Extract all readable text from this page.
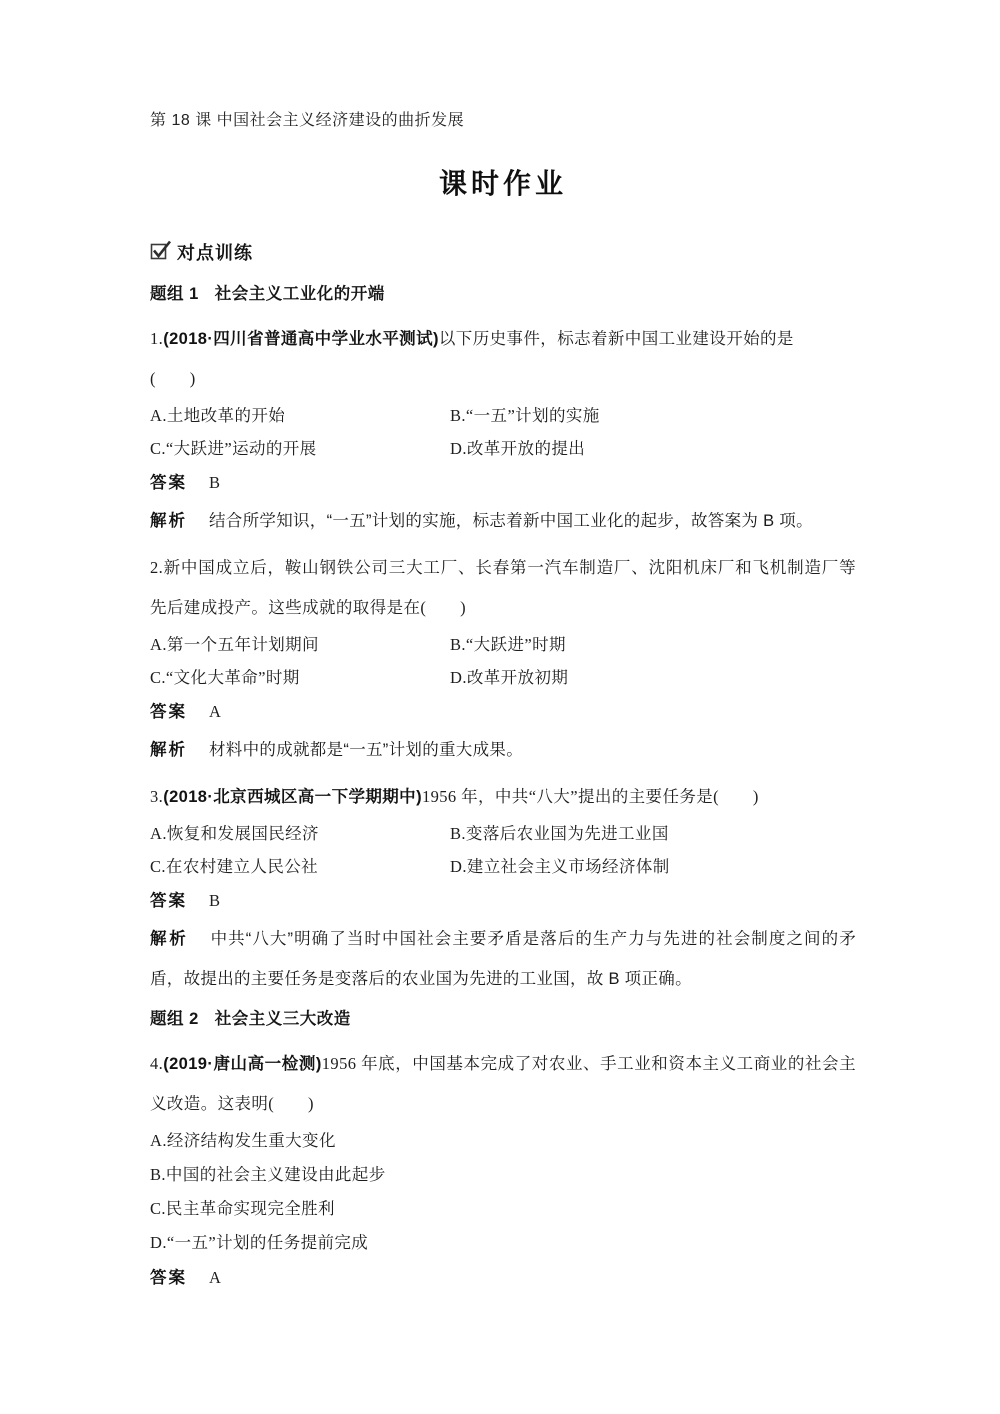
第 18 课 中国社会主义经济建设的曲折发展
课时作业
对点训练
题组 1 社会主义工业化的开端
1.(2018·四川省普通高中学业水平测试)以下历史事件，标志着新中国工业建设开始的是
(　　)
A.土地改革的开始	B.“一五”计划的实施
C.“大跃进”运动的开展	D.改革开放的提出
答案 B
解析 结合所学知识，“一五”计划的实施，标志着新中国工业化的起步，故答案为 B 项。
2.新中国成立后，鞍山钢铁公司三大工厂、长春第一汽车制造厂、沈阳机床厂和飞机制造厂等先后建成投产。这些成就的取得是在(　　)
A.第一个五年计划期间	B.“大跃进”时期
C.“文化大革命”时期	D.改革开放初期
答案 A
解析 材料中的成就都是“一五”计划的重大成果。
3.(2018·北京西城区高一下学期期中)1956 年，中共“八大”提出的主要任务是(　　)
A.恢复和发展国民经济	B.变落后农业国为先进工业国
C.在农村建立人民公社	D.建立社会主义市场经济体制
答案 B
解析 中共“八大”明确了当时中国社会主要矛盾是落后的生产力与先进的社会制度之间的矛盾，故提出的主要任务是变落后的农业国为先进的工业国，故 B 项正确。
题组 2 社会主义三大改造
4.(2019·唐山高一检测)1956 年底，中国基本完成了对农业、手工业和资本主义工商业的社会主义改造。这表明(　　)
A.经济结构发生重大变化
B.中国的社会主义建设由此起步
C.民主革命实现完全胜利
D.“一五”计划的任务提前完成
答案 A
